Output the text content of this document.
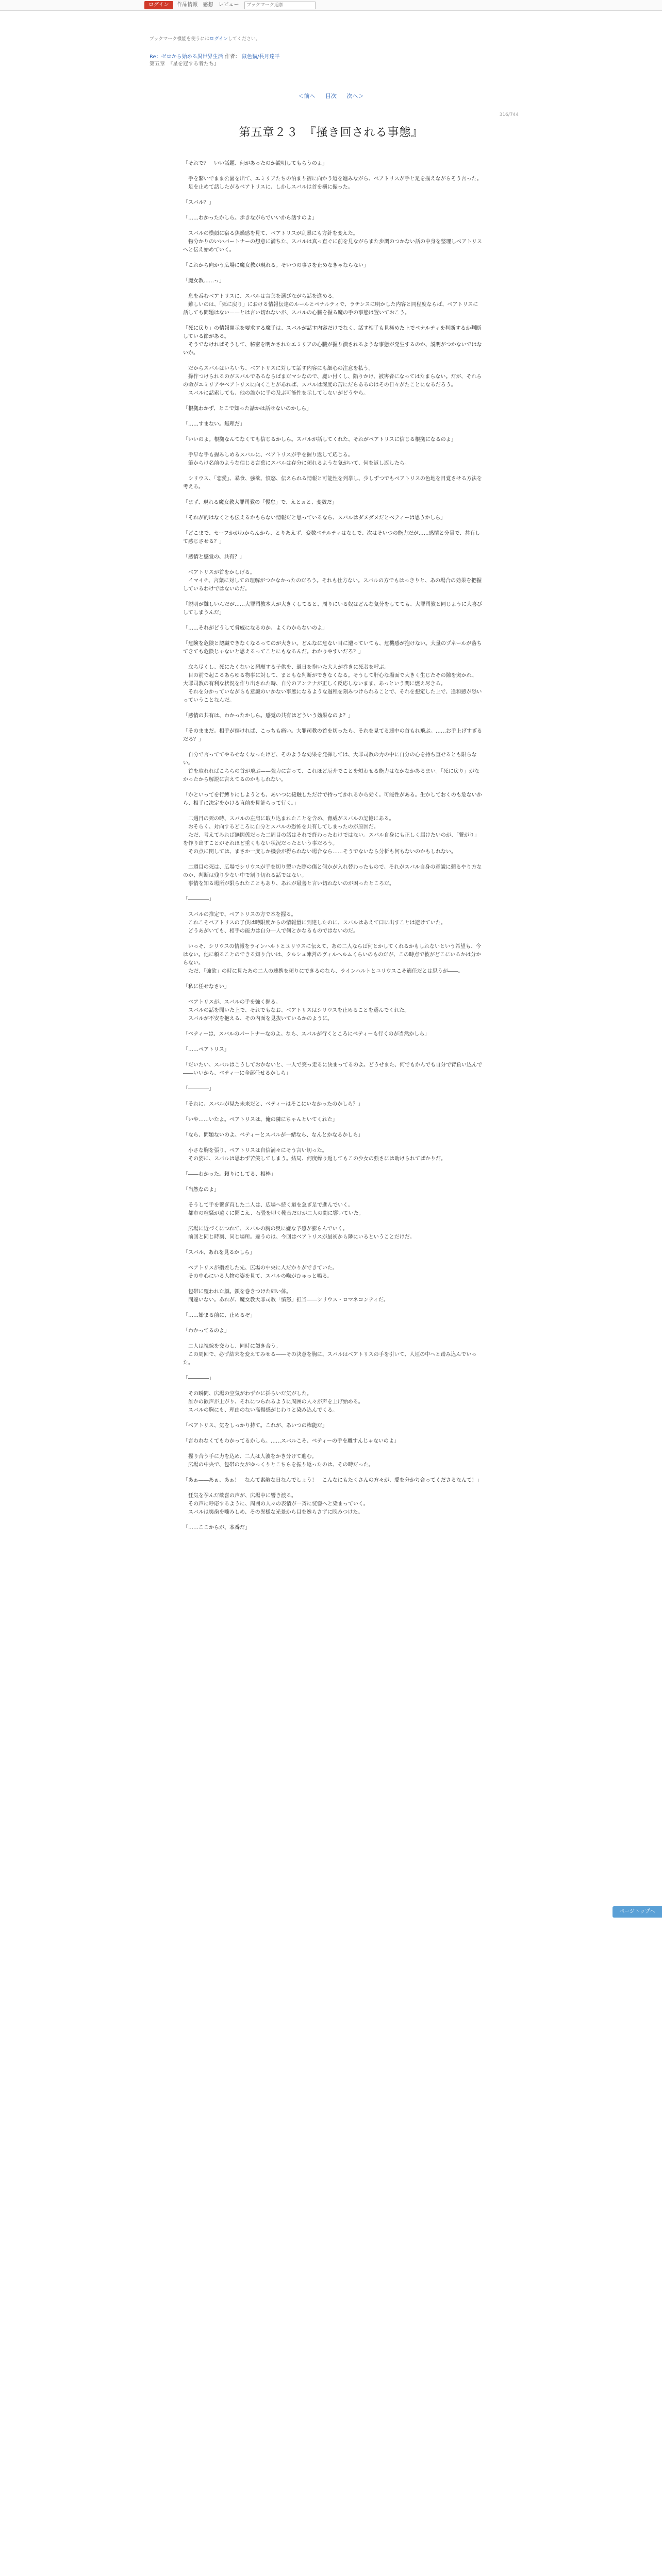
ログイン	作品情報 感想 レビュー
ブックマーク追加
ブックマーク機能を使うにはログインしてください。
Re：ゼロから始める異世界生活 作者： 鼠色猫/長月達平
第五章　『星を冠する者たち』
＜前へ 目次 次へ＞
316/744
第五章２３　『掻き回される事態』

「それで？　いい話題、何があったのか説明してもらうのよ」

　手を繋いでまま公園を出て、エミリアたちの泊まり宿に向かう道を進みながら、ベアトリスが手と足を揃えながらそう言った。
　足を止めて話したがるベアトリスに、しかしスバルは首を横に振った。

「スバル？」

「……わかったかしら。歩きながらでいいから話すのよ」

　スバルの横顔に宿る焦燥感を見て、ベアトリスが乱暴にも方針を変えた。
　物分かりのいいパートナーの想意に満ちた、スバルは真っ直ぐに前を見ながらまた歩調のつかない話の中身を整理しベアトリスへと伝え始めていく。

「これから向かう広場に魔女教が現れる。そいつの事さを止めなきゃならない」

「魔女教……っ」

　息を呑むベアトリスに、スバルは言葉を選びながら話を進める。
　難しいのは、「死に戻り」における情報伝達のルールとペナルティで、ラチンスに明かした内容と同程度ならば、ベアトリスに話しても問題はない——とは言い切れないが、スバルの心臓を握る魔の手の事態は置いておこう。

「死に戻り」の情報開示を要求する魔手は、スバルが話す内容だけでなく、話す相手も見極めた上でペナルティを判断するか判断している節がある。
　そうでなければそうして、秘密を明かされたエミリアの心臓が握り潰されるような事態が発生するのか、説明がつかないではないか。

　だからスバルはいちいち、ベアトリスに対して話す内容にも細心の注意を払う。
　操作つけられるのがスバルであるならばまだマシなので、魔い付くし、陥りかけ、被害者になってはたまらない。だが、それらの命がエミリアやベアトリスに向くことがあれば、スバルは深度の苦にだらあるのはその日々がたことになるだろう。
　スバルに話索しても、他の誰かに手の及ぶ可能性を示してしないがどうやら。

「根拠わかず、とこで知った話かは話せないのかしら」

「……すまない。無理だ」

「いいのよ。根拠なんてなくても信じるかしら。スバルが話してくれた、それがベアトリスに信じる根拠になるのよ」

　手早な手も握みしめるスバルに、ベアトリスが手を握り返して応じる。
　筆からけ名前のような信じる言葉にスバルは存分に頼れるような気がいて、何を返し返したら。

　シリウス、「恋愛」、暴食、強欲、憤怒、伝えられる情報と可能性を列挙し、少しずつでもベアトリスの色地を目覚させる方法を考える。

「まず、現れる魔女教大罪司教の「慢怠」で、えとぉと、変数だ」

「それが的はなくとも伝えるかもらない情報だと思っているなら、スバルはダメダメだとベティーは思うかしら」

「どこまで、セーフかがわからんから、とりあえず、変数ペテルティはなしで、次はそいつの能力だが……感情と分量で、共有して感じさせる？」

「感情と感覚の、共有？」

　ベアトリスが首をかしげる。
　イマイチ、言葉に対しての理解がつかなかったのだろう。それも仕方ない。スバルの方でもはっきりと、あの場合の効果を把握しているわけではないのだ。

「説明が難しいんだが……大罪司教本人が大きくしてると、周りにいる奴はどんな気分をしてても、大罪司教と同じように大喜びしてしまうんだ」

「……それがどうして脅威になるのか、よくわからないのよ」

「危険を危険と認識できなくなるってのが大きい。どんなに危ない目に遭っていても、危機感が抱けない。大量のプネールが落ちてきても危険じゃないと思えるってことにもなるんだ。わかりやすいだろ？」

　立ち尽くし、死にたくないと懇願する子供を、過日を抱いた大人が巻きに死者を呼ぶ。
　目の前で起こるあらゆる物事に対して、まともな判断ができなくなる。そうして肝心な場面で大きく生じたその隙を突かれ、大罪司教の有利な状況を作り出された時、自分のアンテナが正しく反応しないまま、あっという間に燃え尽きる。
　それを分かっていながらも意識のいかない事態になるような過程を刻みつけられることで、それを想定した上で、違和感が恐いっていうことなんだ。

「感情の共有は、わかったかしら。感覚の共有はどういう効果なのよ？」

「そのままだ。相手が傷ければ、こっちも痛い。大罪司教の首を切ったら、それを見てる連中の首もれ飛ぶ。……お手上げすぎるだろ？」

　自分で言っててやるせなくなったけど、そのような効果を発揮しては、大罪司教の力の中に自分の心を持ち直せるとも限らない。
　首を取れればこちらの首が飛ぶ——強力に言って、これほど厄介でことを煩わせる能力はなかなかあるまい。「死に戻り」がなかったから解説に言えてるのかもしれない。

「かといってを行縛りにしようとも、あいつに接触しただけで持ってかれるから効く。可能性がある。生かしておくのも危ないから、相手に決定をかける直前を見計らって行く。」

　二週目の死の時、スバルの左肩に取り込まれたことを含め、脅威がスバルの記憶にある。
　おそらく、対向するどころに自分とスバルの恐怖を共有してしまったのが原因だ。
　ただ、考えてみれば無関係だった二周目の話はそれで終わったわけではない。スバル自身にも正しく届けたいのが、「繋がり」を作り出すことがそれほど重くもない状況だったという事だろう。
　その点に関しては、まさか一度しか機会が得られない場合なら……そうでないなら分析も何もないのかもしれない。

　二週目の死は、広場でシリウスが手を切り裂いた際の傷と何かが入れ替わったもので、それがスバル自身の意識に頼るやり方なのか、判断は残り少ない中で割り切れる話ではない。
　事情を知る場所が限られたこともあり、あれが最善と言い切れないのが困ったところだ。

「――――」

　スバルの推定で、ベアトリスの方で本を握る。
　これこそベアトリスの子供は時限度からの情報量に到達したのに、スバルはあえて口に出すことは避けていた。
　どうあがいても、相手の能力は自分一人で何とかなるものではないのだ。

　いっそ、シリウスの情報をラインハルトとユリウスに伝えて、あの二人ならば何とかしてくれるかもしれないという希望も、今はない。他に頼ることのできる知り合いは、クルシュ陣営のヴィルヘルムくらいのものだが、この時点で彼がどこにいるかは分からない。
　ただ、「強欲」の時に見たあの二人の連携を頼りにできるのなら、ラインハルトとユリウスこそ適任だとは思うが――。

「私に任せなさい」

　ベアトリスが、スバルの手を強く握る。
　スバルの話を聞いた上で、それでもなお、ベアトリスはシリウスを止めることを選んでくれた。
　スバルが不安を抱える、その内面を見抜いているかのように。

「ベティーは、スバルのパートナーなのよ。なら、スバルが行くところにベティーも行くのが当然かしら」

「……ベアトリス」

「だいたい、スバルはこうしておかないと、一人で突っ走るに決まってるのよ。どうせまた、何でもかんでも自分で背負い込んで――いいから、ベティーに全部任せるかしら」

「――――」

「それに、スバルが見た未来だと、ベティーはそこにいなかったのかしら？」

「いや……いたよ。ベアトリスは、俺の隣にちゃんといてくれた」

「なら、問題ないのよ。ベティーとスバルが一緒なら、なんとかなるかしら」

　小さな胸を張り、ベアトリスは自信満々にそう言い切った。
　その姿に、スバルは思わず苦笑してしまう。結局、何度繰り返してもこの少女の強さには助けられてばかりだ。

「――わかった。頼りにしてる、相棒」

「当然なのよ」

　そうして手を繋ぎ直した二人は、広場へ続く道を急ぎ足で進んでいく。
　都市の喧騒が遠くに聞こえ、石畳を叩く靴音だけが二人の間に響いていた。

　広場に近づくにつれて、スバルの胸の奥に嫌な予感が膨らんでいく。
　前回と同じ時刻、同じ場所。違うのは、今回はベアトリスが最初から隣にいるということだけだ。

「スバル、あれを見るかしら」

　ベアトリスが指差した先、広場の中央に人だかりができていた。
　その中心にいる人物の姿を見て、スバルの喉がひゅっと鳴る。

　包帯に覆われた顔。鎖を巻きつけた細い体。
　間違いない。あれが、魔女教大罪司教「憤怒」担当――シリウス・ロマネコンティだ。

「……始まる前に、止めるぞ」

「わかってるのよ」

　二人は視線を交わし、同時に頷き合う。
　この周回で、必ず結末を変えてみせる――その決意を胸に、スバルはベアトリスの手を引いて、人垣の中へと踏み込んでいった。

「――――」

　その瞬間、広場の空気がわずかに揺らいだ気がした。
　誰かの歓声が上がり、それにつられるように周囲の人々が声を上げ始める。
　スバルの胸にも、理由のない高揚感がじわりと染み込んでくる。

「ベアトリス、気をしっかり持て。これが、あいつの権能だ」

「言われなくてもわかってるかしら。……スバルこそ、ベティーの手を離すんじゃないのよ」

　握り合う手に力を込め、二人は人波をかき分けて進む。
　広場の中央で、包帯の女がゆっくりとこちらを振り返ったのは、その時だった。

「あぁ――あぁ、あぁ！　なんて素敵な日なんでしょう！　こんなにもたくさんの方々が、愛を分かち合ってくださるなんて！」

　狂気を孕んだ歓喜の声が、広場中に響き渡る。
　その声に呼応するように、周囲の人々の表情が一斉に恍惚へと染まっていく。
　スバルは奥歯を噛みしめ、その異様な光景から目を逸らさずに睨みつけた。

「……ここからが、本番だ」

ページトップへ
